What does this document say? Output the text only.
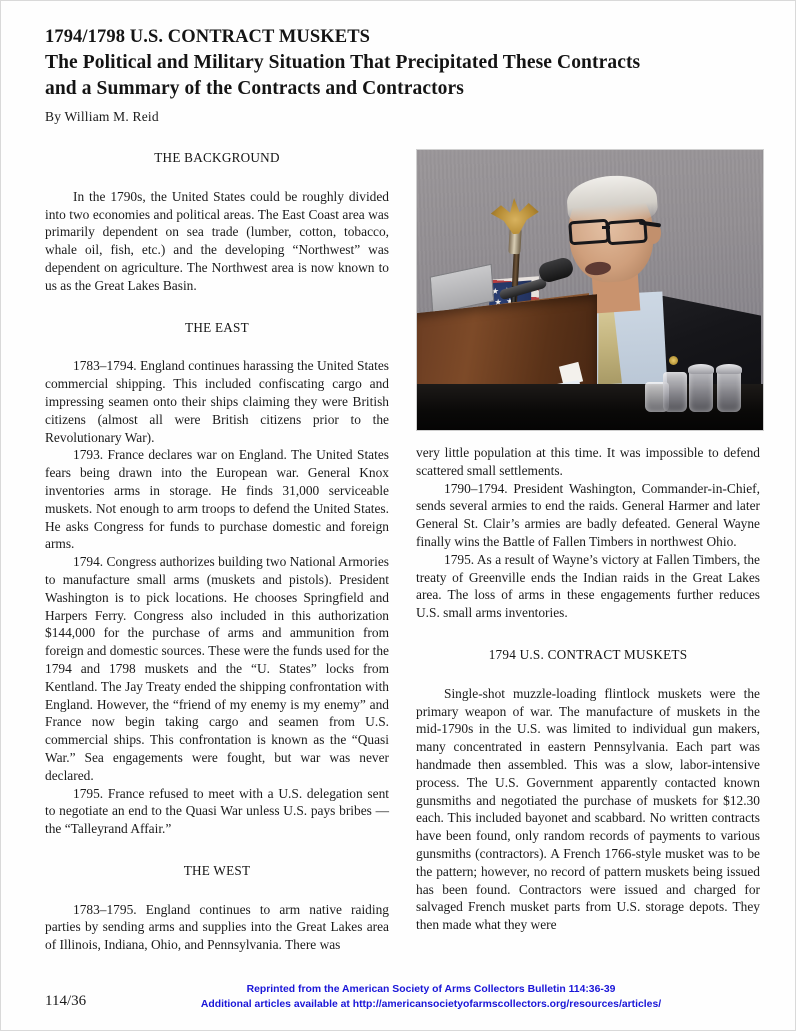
1794/1798 U.S. CONTRACT MUSKETS
The Political and Military Situation That Precipitated These Contracts
and a Summary of the Contracts and Contractors
By William M. Reid
★ ★ ★ ★ ★ ★ ★ ★ ★ ★
THE BACKGROUND

In the 1790s, the United States could be roughly divided into two economies and political areas. The East Coast area was primarily dependent on sea trade (lumber, cotton, tobacco, whale oil, fish, etc.) and the developing “Northwest” was dependent on agriculture. The Northwest area is now known to us as the Great Lakes Basin.

THE EAST

1783–1794. England continues harassing the United States commercial shipping. This included confiscating cargo and impressing seamen onto their ships claiming they were British citizens (almost all were British citizens prior to the Revolutionary War).

1793. France declares war on England. The United States fears being drawn into the European war. General Knox inventories arms in storage. He finds 31,000 serviceable muskets. Not enough to arm troops to defend the United States. He asks Congress for funds to purchase domestic and foreign arms.

1794. Congress authorizes building two National Armories to manufacture small arms (muskets and pistols). President Washington is to pick locations. He chooses Springfield and Harpers Ferry. Congress also included in this authorization $144,000 for the purchase of arms and ammunition from foreign and domestic sources. These were the funds used for the 1794 and 1798 muskets and the “U. States” locks from Kentland. The Jay Treaty ended the shipping confrontation with England. However, the “friend of my enemy is my enemy” and France now begin taking cargo and seamen from U.S. commercial ships. This confrontation is known as the “Quasi War.” Sea engagements were fought, but war was never declared.

1795. France refused to meet with a U.S. delegation sent to negotiate an end to the Quasi War unless U.S. pays bribes — the “Talleyrand Affair.”

THE WEST

1783–1795. England continues to arm native raiding parties by sending arms and supplies into the Great Lakes area of Illinois, Indiana, Ohio, and Pennsylvania. There was

very little population at this time. It was impossible to defend scattered small settlements.

1790–1794. President Washington, Commander-in-Chief, sends several armies to end the raids. General Harmer and later General St. Clair’s armies are badly defeated. General Wayne finally wins the Battle of Fallen Timbers in northwest Ohio.

1795. As a result of Wayne’s victory at Fallen Timbers, the treaty of Greenville ends the Indian raids in the Great Lakes area. The loss of arms in these engagements further reduces U.S. small arms inventories.

1794 U.S. CONTRACT MUSKETS

Single-shot muzzle-loading flintlock muskets were the primary weapon of war. The manufacture of muskets in the mid-1790s in the U.S. was limited to individual gun makers, many concentrated in eastern Pennsylvania. Each part was handmade then assembled. This was a slow, labor-intensive process. The U.S. Government apparently contacted known gunsmiths and negotiated the purchase of muskets for $12.30 each. This included bayonet and scabbard. No written contracts have been found, only random records of payments to various gunsmiths (contractors). A French 1766-style musket was to be the pattern; however, no record of pattern muskets being issued has been found. Contractors were issued and charged for salvaged French musket parts from U.S. storage depots. They then made what they were

114/36
Reprinted from the American Society of Arms Collectors Bulletin 114:36-39
Additional articles available at http://americansocietyofarmscollectors.org/resources/articles/
